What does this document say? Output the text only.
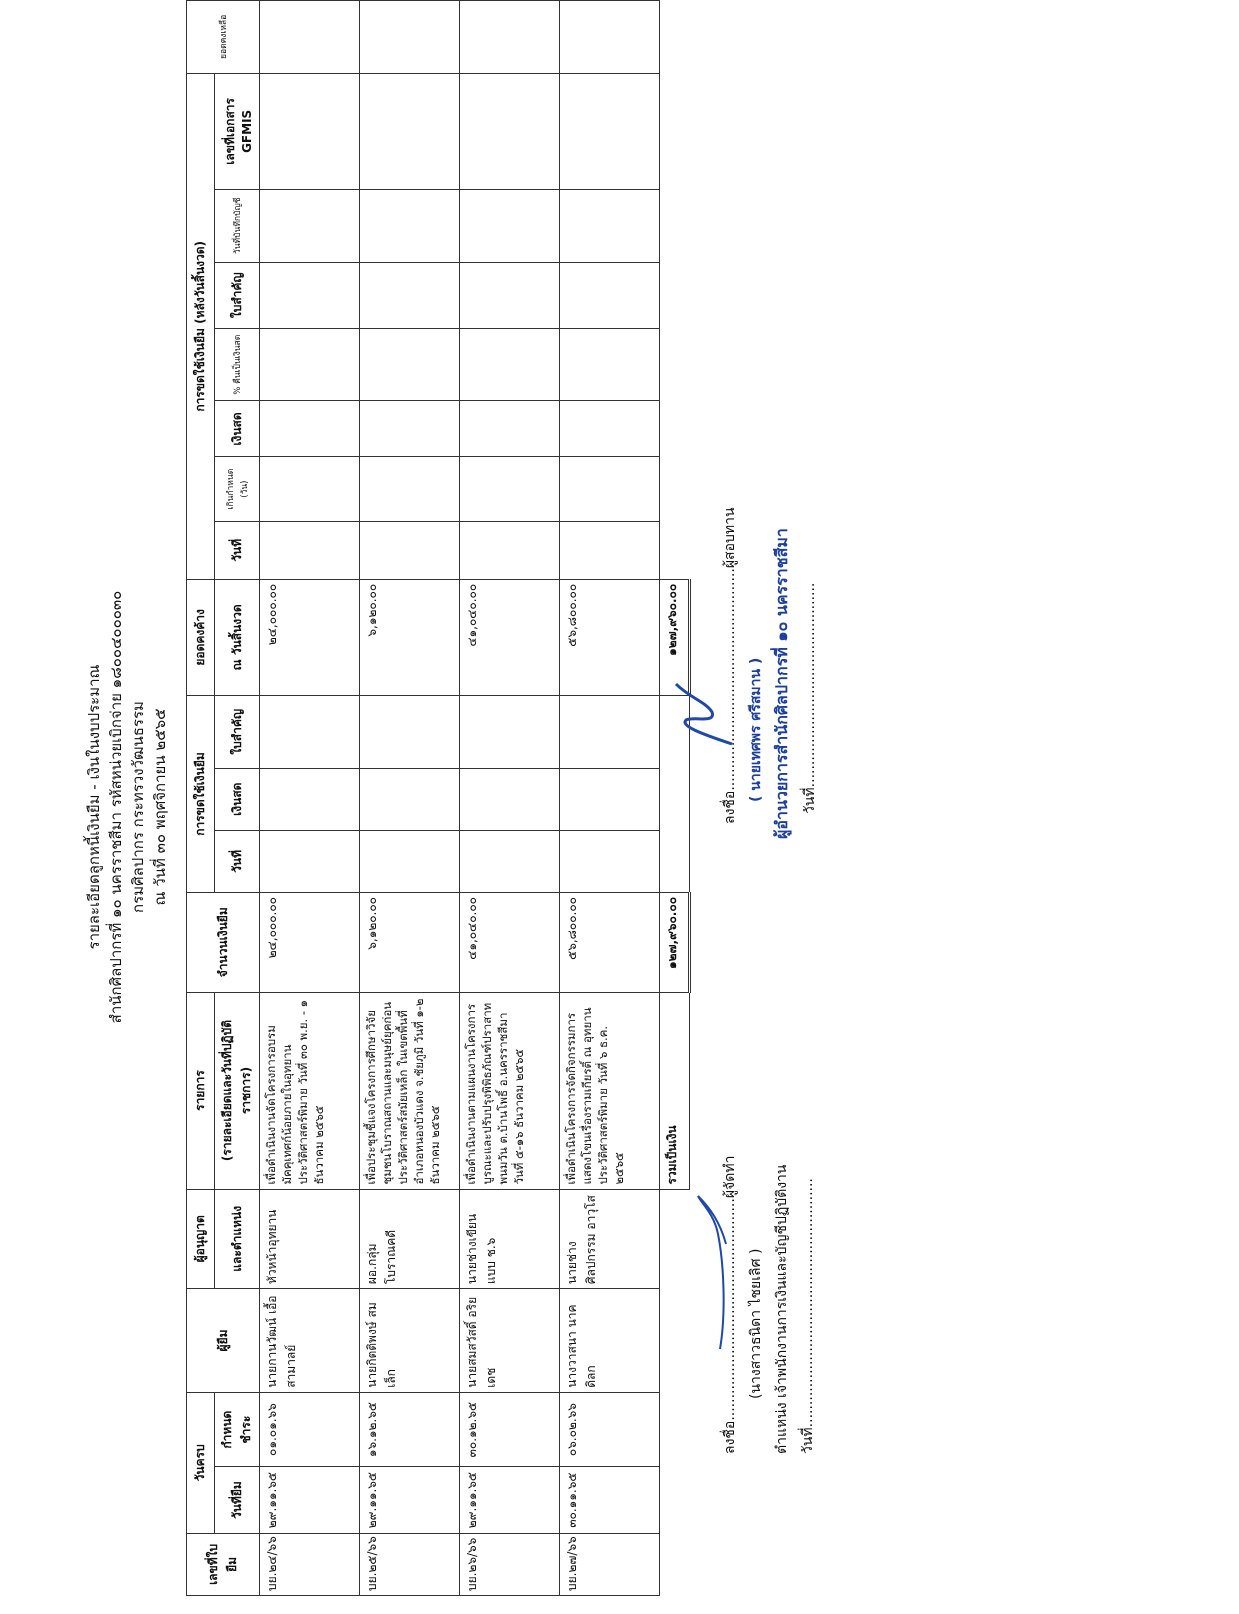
รายละเอียดลูกหนี้เงินยืม - เงินในงบประมาณ สำนักศิลปากรที่ ๑๐ นครราชสีมา รหัสหน่วยเบิกจ่าย ๑๘๐๐๔๐๐๐๓๐ กรมศิลปากร กระทรวงวัฒนธรรม ณ วันที่ ๓๐ พฤศจิกายน ๒๕๖๕
เลขที่ใบยืม	วันครบ		ผู้ยืม	ผู้อนุญาต	รายการ	จำนวนเงินยืม	การขดใช้เงินยืม			ยอดคงค้าง	การขดใช้เงินยืม (หลังวันสิ้นงวด)							ยอดคงเหลือ
	วันที่ยืม	กำหนดชำระ		และตำแหน่ง	(รายละเอียดและวันที่ปฏิบัติราชการ)		วันที่	เงินสด	ใบสำคัญ	ณ วันสิ้นงวด	วันที่	เกินกำหนด (วัน)	เงินสด	% คืนเป็นเงินสด	ใบสำคัญ	วันที่บันทึกบัญชี	เลขที่เอกสาร GFMIS	
บย.๒๔/๖๖	๒๙.๑๑.๖๕	๐๑.๐๑.๖๖	นายกานวัฒน์ เอื้อสามาลย์	หัวหน้าอุทยาน	เพื่อดำเนินงานจัดโครงการอบรมมัคคุเทศก์น้อยภายในอุทยานประวัติศาสตร์พิมาย วันที่ ๓๐ พ.ย. - ๑ ธันวาคม ๒๕๖๕	๒๔,๐๐๐.๐๐				๒๔,๐๐๐.๐๐								
บย.๒๕/๖๖	๒๙.๑๑.๖๕	๑๖.๑๒.๖๕	นายกิตติพงษ์ สมเล็ก	ผอ.กลุ่มโบราณคดี	เพื่อประชุมชี้แจงโครงการศึกษาวิจัยชุมชนโบราณสถานและมนุษย์ยุคก่อนประวัติศาสตร์สมัยเหล็ก ในเขตพื้นที่อำเภอหนองบัวแดง จ.ชัยภูมิ วันที่ ๑-๒ ธันวาคม ๒๕๖๕	๖,๑๒๐.๐๐				๖,๑๒๐.๐๐								
บย.๒๖/๖๖	๒๙.๑๑.๖๕	๓๐.๑๒.๖๕	นายสมสวัสดิ์ อริยเดช	นายช่างเขียนแบบ ช.๖	เพื่อดำเนินงานตามแผนงานโครงการบูรณะและปรับปรุงพิพิธภัณฑ์ปราสาทพนมวัน ต.บ้านโพธิ์ อ.นครราชสีมา วันที่ ๕-๑๖ ธันวาคม ๒๕๖๕	๔๑,๐๔๐.๐๐				๔๑,๐๔๐.๐๐								
บย.๒๗/๖๖	๓๐.๑๑.๖๕	๐๖.๐๒.๖๖	นางวาสนา นาคดิลก	นายช่างศิลปกรรม อาวุโส	เพื่อดำเนินโครงการจัดกิจกรรมการแสดงโขนเรื่องรามเกียรติ์ ณ อุทยานประวัติศาสตร์พิมาย วันที่ ๖ ธ.ค. ๒๕๖๕	๕๖,๘๐๐.๐๐				๕๖,๘๐๐.๐๐								
					รวมเป็นเงิน	๑๒๗,๙๖๐.๐๐				๑๒๗,๙๖๐.๐๐								
ลงชื่อ..................................................ผู้จัดทำ
(นางสาวธนิดา ไชยเลิศ ) ตำแหน่ง เจ้าพนักงานการเงินและบัญชีปฏิบัติงาน วันที่........................................................
ลงชื่อ..................................................ผู้สอบทาน
( นายเทศพร ศรีสมาน ) ผู้อำนวยการสำนักศิลปากรที่ ๑๐ นครราชสีมา วันที่..............................................
